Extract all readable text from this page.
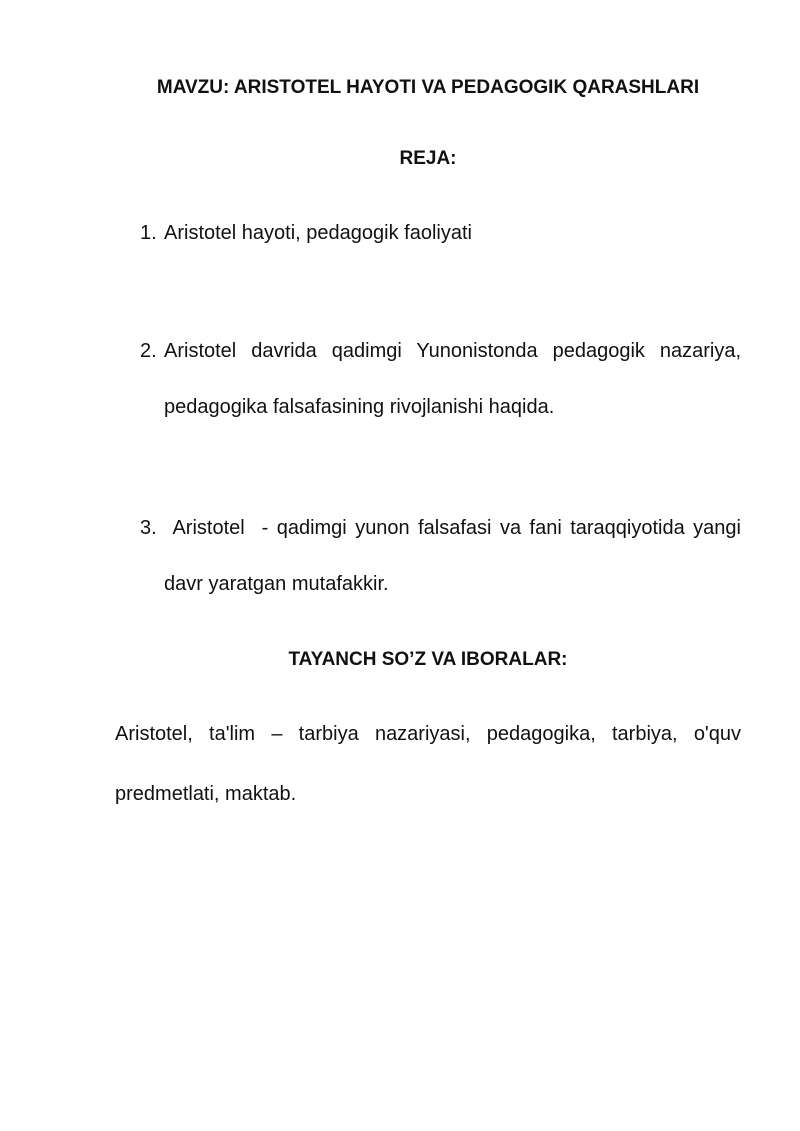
MAVZU: ARISTOTEL HAYOTI VA PEDAGOGIK QARASHLARI
REJA:
1. Aristotel hayoti, pedagogik faoliyati
2. Aristotel davrida qadimgi Yunonistonda pedagogik nazariya, pedagogika falsafasining rivojlanishi haqida.
3. Aristotel  - qadimgi yunon falsafasi va fani taraqqiyotida yangi davr yaratgan mutafakkir.
TAYANCH SO’Z VA IBORALAR:
Aristotel, ta'lim – tarbiya nazariyasi, pedagogika, tarbiya, o'quv predmetlati, maktab.
